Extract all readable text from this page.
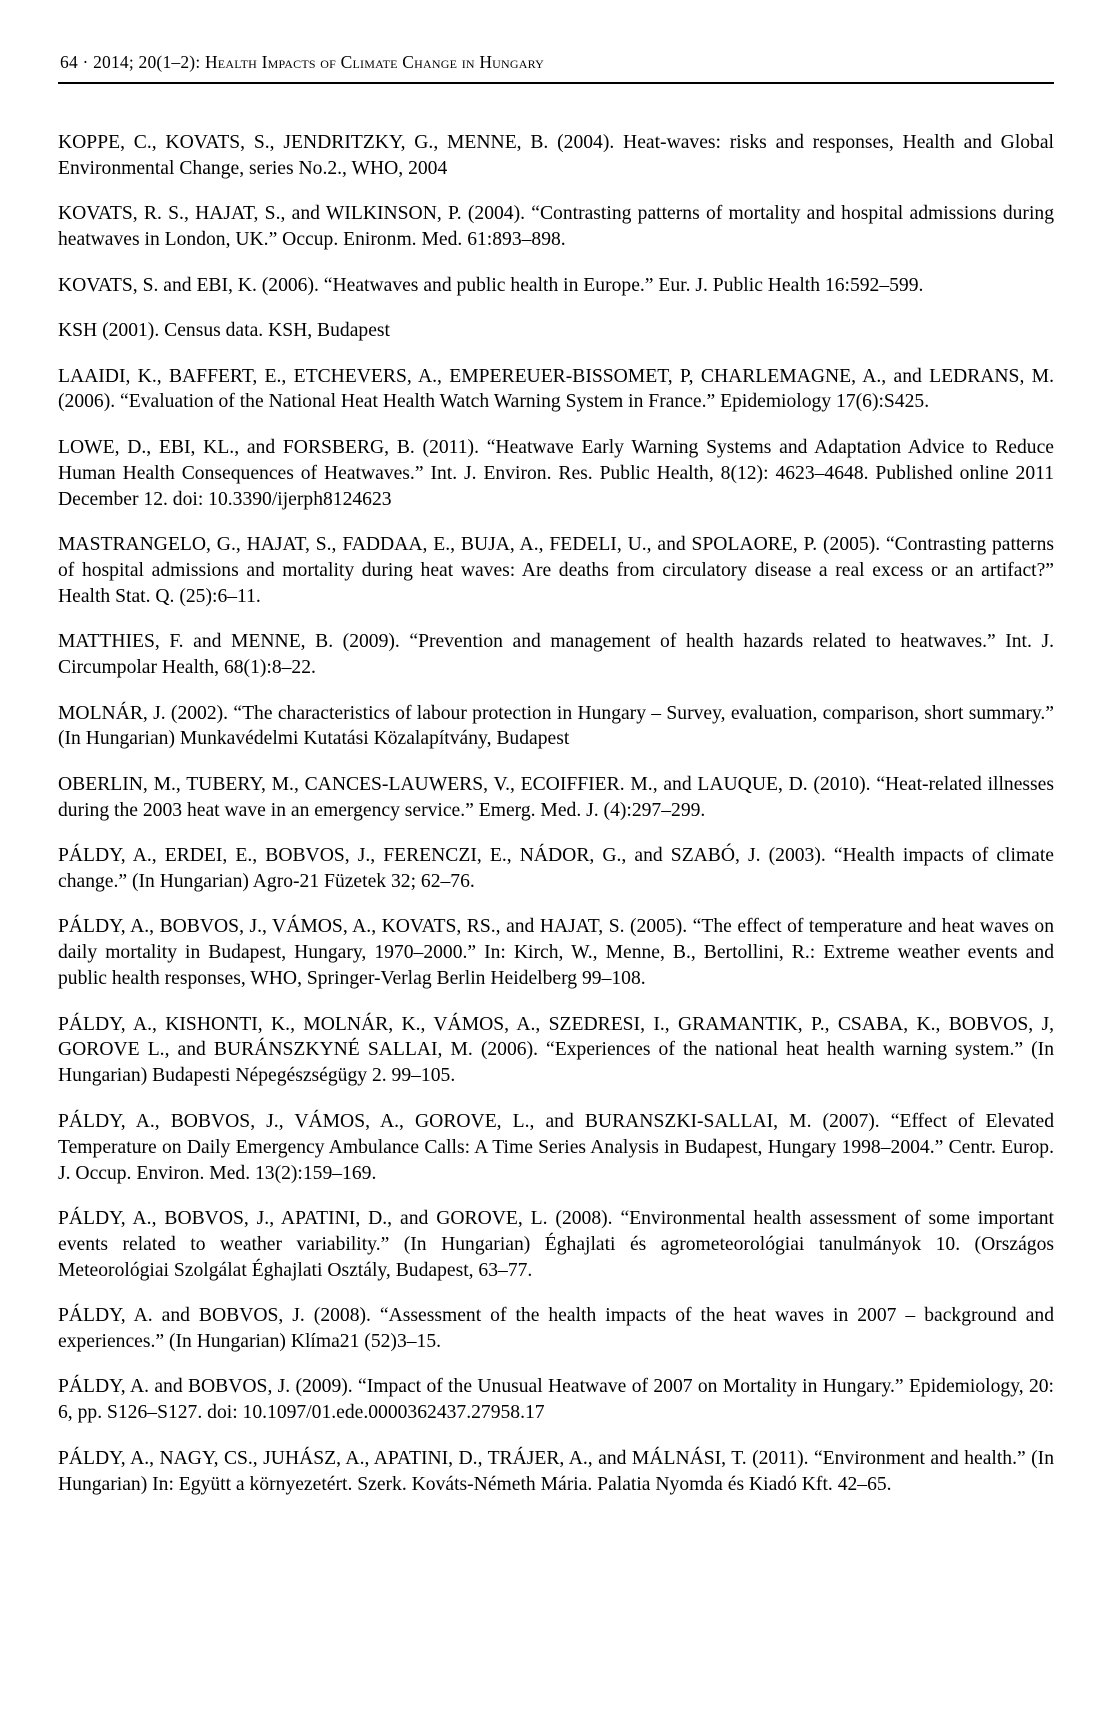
64 · 2014; 20(1–2): Health Impacts of Climate Change in Hungary

KOPPE, C., KOVATS, S., JENDRITZKY, G., MENNE, B. (2004). Heat-waves: risks and responses, Health and Global Environmental Change, series No.2., WHO, 2004

KOVATS, R. S., HAJAT, S., and WILKINSON, P. (2004). “Contrasting patterns of mortality and hospital admissions during heatwaves in London, UK.” Occup. Enironm. Med. 61:893–898.

KOVATS, S. and EBI, K. (2006). “Heatwaves and public health in Europe.” Eur. J. Public Health 16:592–599.

KSH (2001). Census data. KSH, Budapest

LAAIDI, K., BAFFERT, E., ETCHEVERS, A., EMPEREUER-BISSOMET, P, CHARLEMAGNE, A., and LEDRANS, M. (2006). “Evaluation of the National Heat Health Watch Warning System in France.” Epidemiology 17(6):S425.

LOWE, D., EBI, KL., and FORSBERG, B. (2011). “Heatwave Early Warning Systems and Adaptation Advice to Reduce Human Health Consequences of Heatwaves.” Int. J. Environ. Res. Public Health, 8(12): 4623–4648. Published online 2011 December 12. doi: 10.3390/ijerph8124623

MASTRANGELO, G., HAJAT, S., FADDAA, E., BUJA, A., FEDELI, U., and SPOLAORE, P. (2005). “Contrasting patterns of hospital admissions and mortality during heat waves: Are deaths from circulatory disease a real excess or an artifact?” Health Stat. Q. (25):6–11.

MATTHIES, F. and MENNE, B. (2009). “Prevention and management of health hazards related to heatwaves.” Int. J. Circumpolar Health, 68(1):8–22.

MOLNÁR, J. (2002). “The characteristics of labour protection in Hungary – Survey, evaluation, comparison, short summary.” (In Hungarian) Munkavédelmi Kutatási Közalapítvány, Budapest

OBERLIN, M., TUBERY, M., CANCES-LAUWERS, V., ECOIFFIER. M., and LAUQUE, D. (2010). “Heat-related illnesses during the 2003 heat wave in an emergency service.” Emerg. Med. J. (4):297–299.

PÁLDY, A., ERDEI, E., BOBVOS, J., FERENCZI, E., NÁDOR, G., and SZABÓ, J. (2003). “Health impacts of climate change.” (In Hungarian) Agro-21 Füzetek 32; 62–76.

PÁLDY, A., BOBVOS, J., VÁMOS, A., KOVATS, RS., and HAJAT, S. (2005). “The effect of temperature and heat waves on daily mortality in Budapest, Hungary, 1970–2000.” In: Kirch, W., Menne, B., Bertollini, R.: Extreme weather events and public health responses, WHO, Springer-Verlag Berlin Heidelberg 99–108.

PÁLDY, A., KISHONTI, K., MOLNÁR, K., VÁMOS, A., SZEDRESI, I., GRAMANTIK, P., CSABA, K., BOBVOS, J, GOROVE L., and BURÁNSZKYNÉ SALLAI, M. (2006). “Experiences of the national heat health warning system.” (In Hungarian) Budapesti Népegészségügy 2. 99–105.

PÁLDY, A., BOBVOS, J., VÁMOS, A., GOROVE, L., and BURANSZKI-SALLAI, M. (2007). “Effect of Elevated Temperature on Daily Emergency Ambulance Calls: A Time Series Analysis in Budapest, Hungary 1998–2004.” Centr. Europ. J. Occup. Environ. Med. 13(2):159–169.

PÁLDY, A., BOBVOS, J., APATINI, D., and GOROVE, L. (2008). “Environmental health assessment of some important events related to weather variability.” (In Hungarian) Éghajlati és agrometeorológiai tanulmányok 10. (Országos Meteorológiai Szolgálat Éghajlati Osztály, Budapest, 63–77.

PÁLDY, A. and BOBVOS, J. (2008). “Assessment of the health impacts of the heat waves in 2007 – background and experiences.” (In Hungarian) Klíma21 (52)3–15.

PÁLDY, A. and BOBVOS, J. (2009). “Impact of the Unusual Heatwave of 2007 on Mortality in Hungary.” Epidemiology, 20: 6, pp. S126–S127. doi: 10.1097/01.ede.0000362437.27958.17

PÁLDY, A., NAGY, CS., JUHÁSZ, A., APATINI, D., TRÁJER, A., and MÁLNÁSI, T. (2011). “Environment and health.” (In Hungarian) In: Együtt a környezetért. Szerk. Kováts-Németh Mária. Palatia Nyomda és Kiadó Kft. 42–65.
